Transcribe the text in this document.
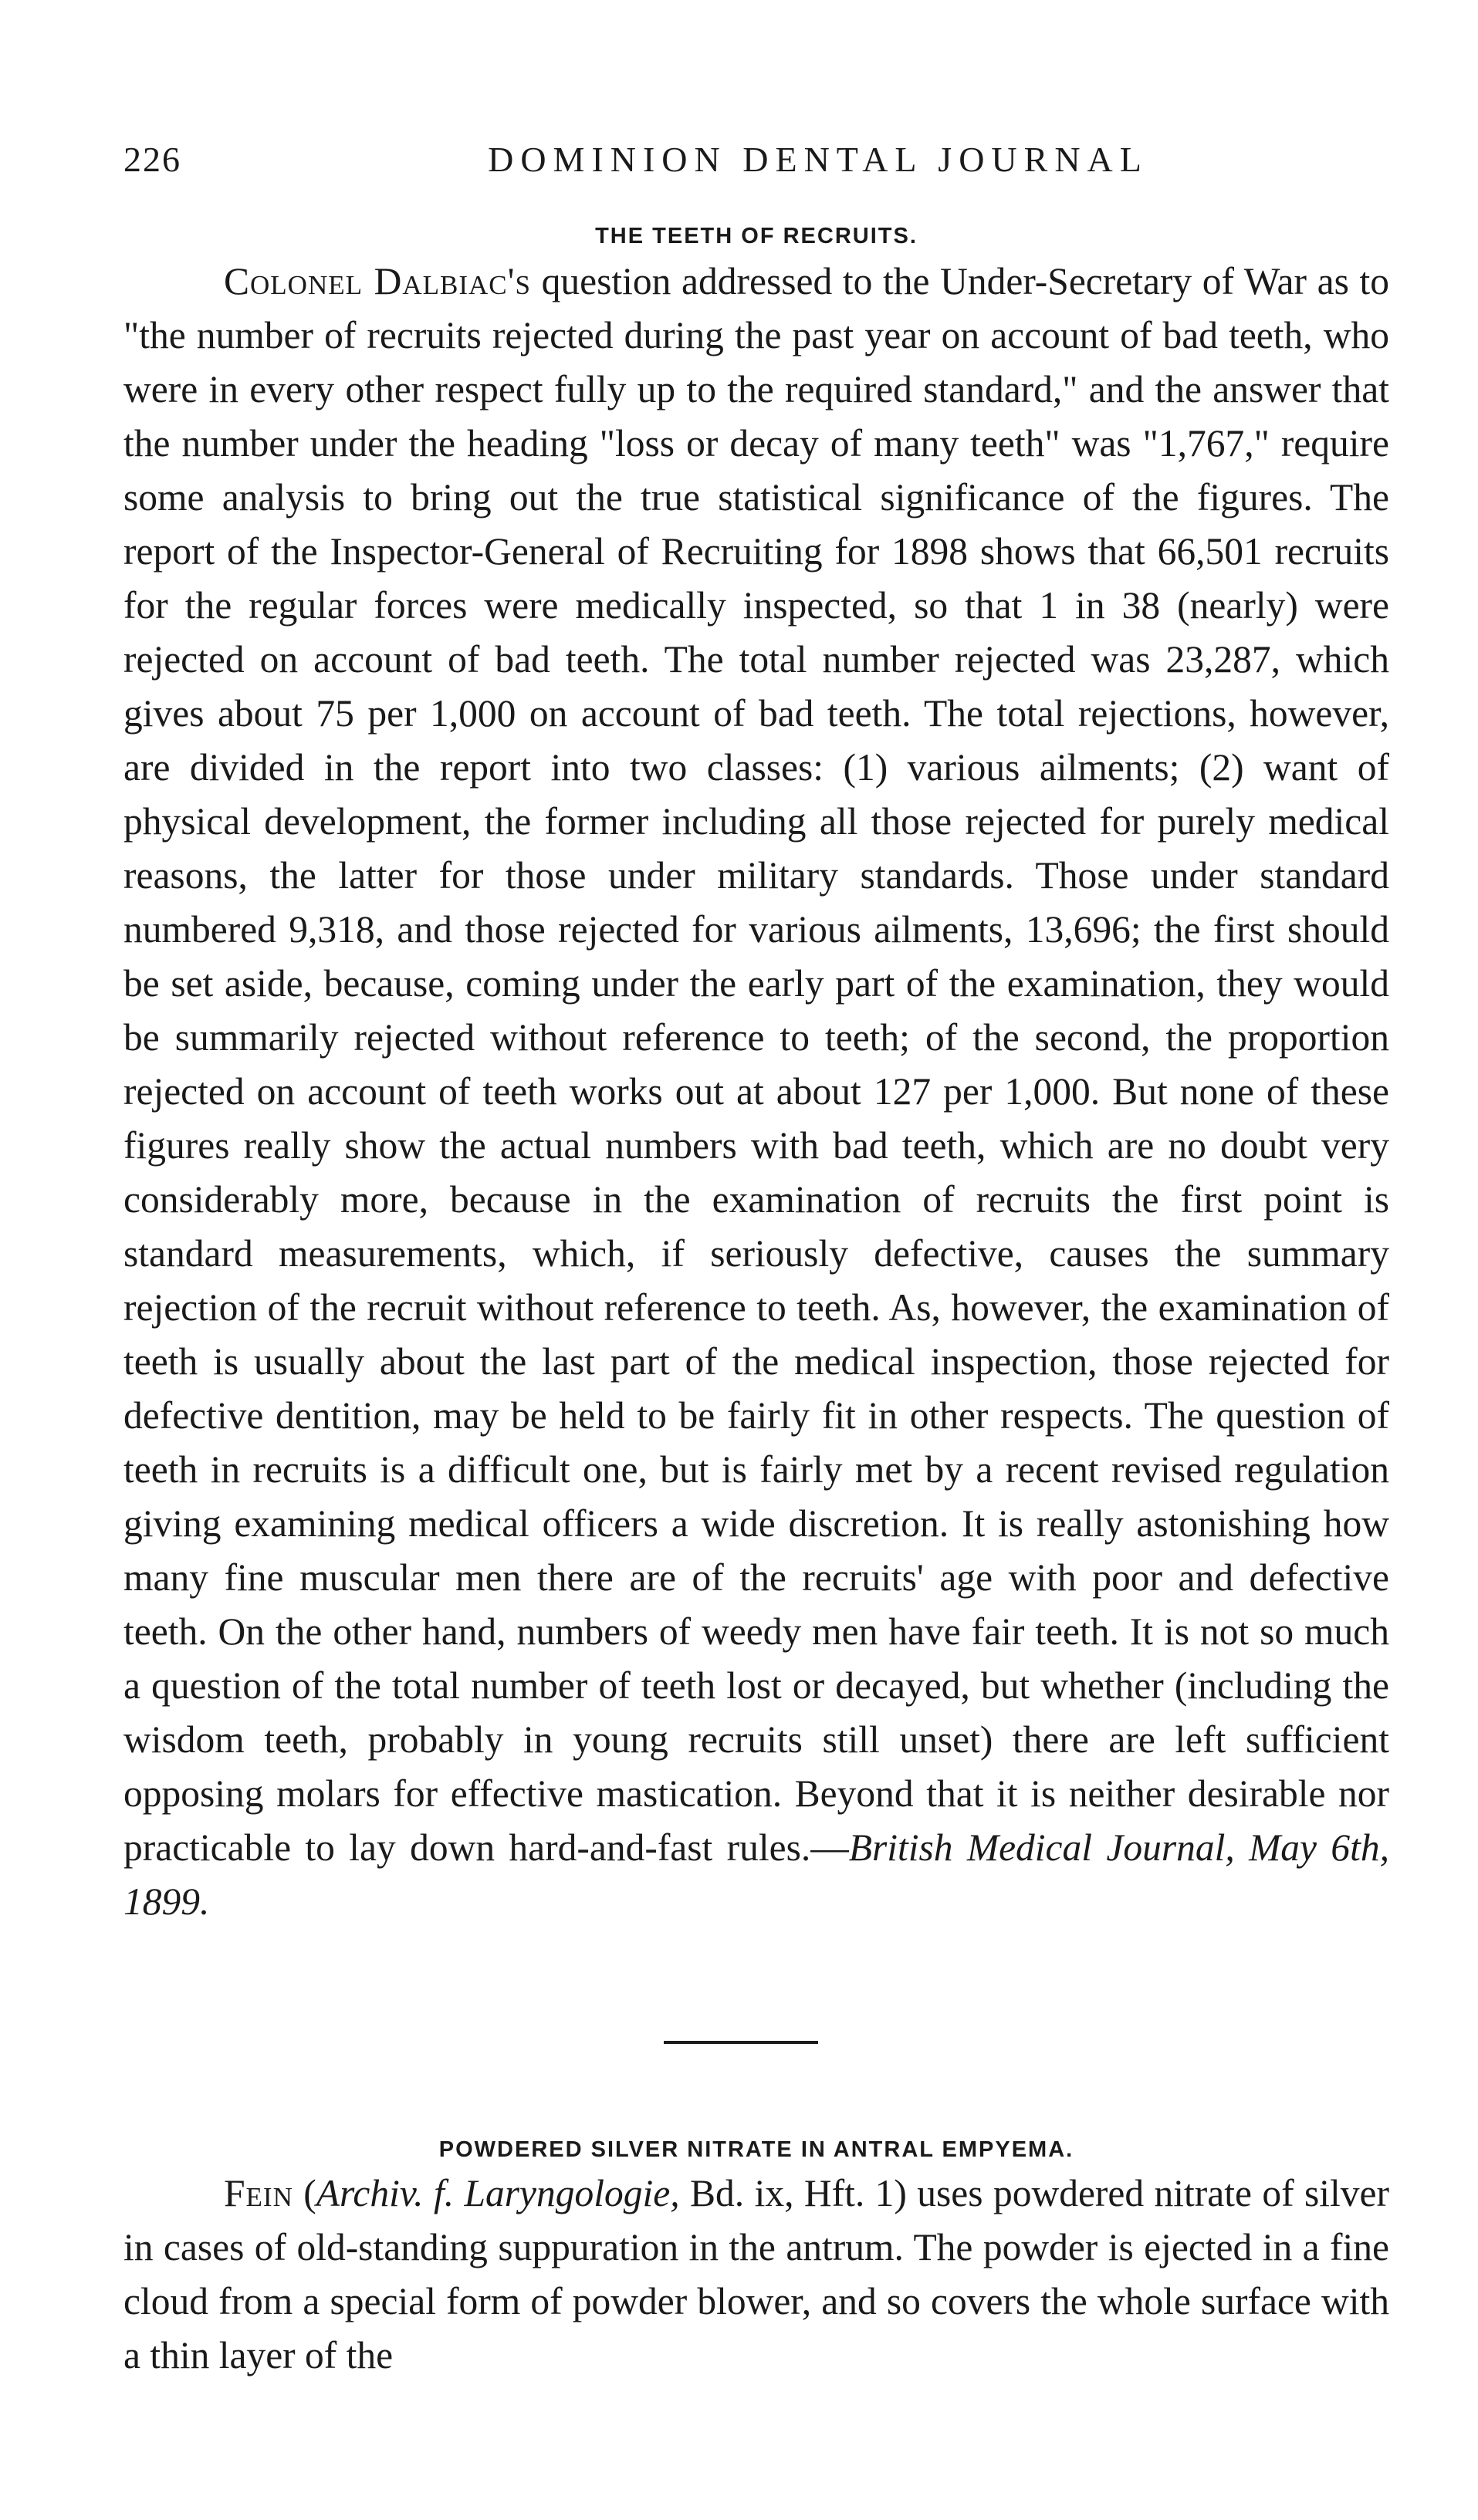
226	DOMINION DENTAL JOURNAL
THE TEETH OF RECRUITS.

Colonel Dalbiac's question addressed to the Under-Secretary of War as to "the number of recruits rejected during the past year on account of bad teeth, who were in every other respect fully up to the required standard," and the answer that the number under the heading "loss or decay of many teeth" was "1,767," require some analysis to bring out the true statistical significance of the figures. The report of the Inspector-General of Recruiting for 1898 shows that 66,501 recruits for the regular forces were medically inspected, so that 1 in 38 (nearly) were rejected on account of bad teeth. The total number rejected was 23,287, which gives about 75 per 1,000 on account of bad teeth. The total rejections, however, are divided in the report into two classes: (1) various ailments; (2) want of physical development, the former including all those rejected for purely medical reasons, the latter for those under military standards. Those under standard numbered 9,318, and those rejected for various ailments, 13,696; the first should be set aside, because, coming under the early part of the examination, they would be summarily rejected without reference to teeth; of the second, the proportion rejected on account of teeth works out at about 127 per 1,000. But none of these figures really show the actual numbers with bad teeth, which are no doubt very considerably more, because in the examination of recruits the first point is standard measurements, which, if seriously defective, causes the summary rejection of the recruit without reference to teeth. As, however, the examination of teeth is usually about the last part of the medical inspection, those rejected for defective dentition, may be held to be fairly fit in other respects. The question of teeth in recruits is a difficult one, but is fairly met by a recent revised regulation giving examining medical officers a wide discretion. It is really astonishing how many fine muscular men there are of the recruits' age with poor and defective teeth. On the other hand, numbers of weedy men have fair teeth. It is not so much a question of the total number of teeth lost or decayed, but whether (including the wisdom teeth, probably in young recruits still unset) there are left sufficient opposing molars for effective mastication. Beyond that it is neither desirable nor practicable to lay down hard-and-fast rules.—British Medical Journal, May 6th, 1899.

POWDERED SILVER NITRATE IN ANTRAL EMPYEMA.

Fein (Archiv. f. Laryngologie, Bd. ix, Hft. 1) uses powdered nitrate of silver in cases of old-standing suppuration in the antrum. The powder is ejected in a fine cloud from a special form of powder blower, and so covers the whole surface with a thin layer of the
